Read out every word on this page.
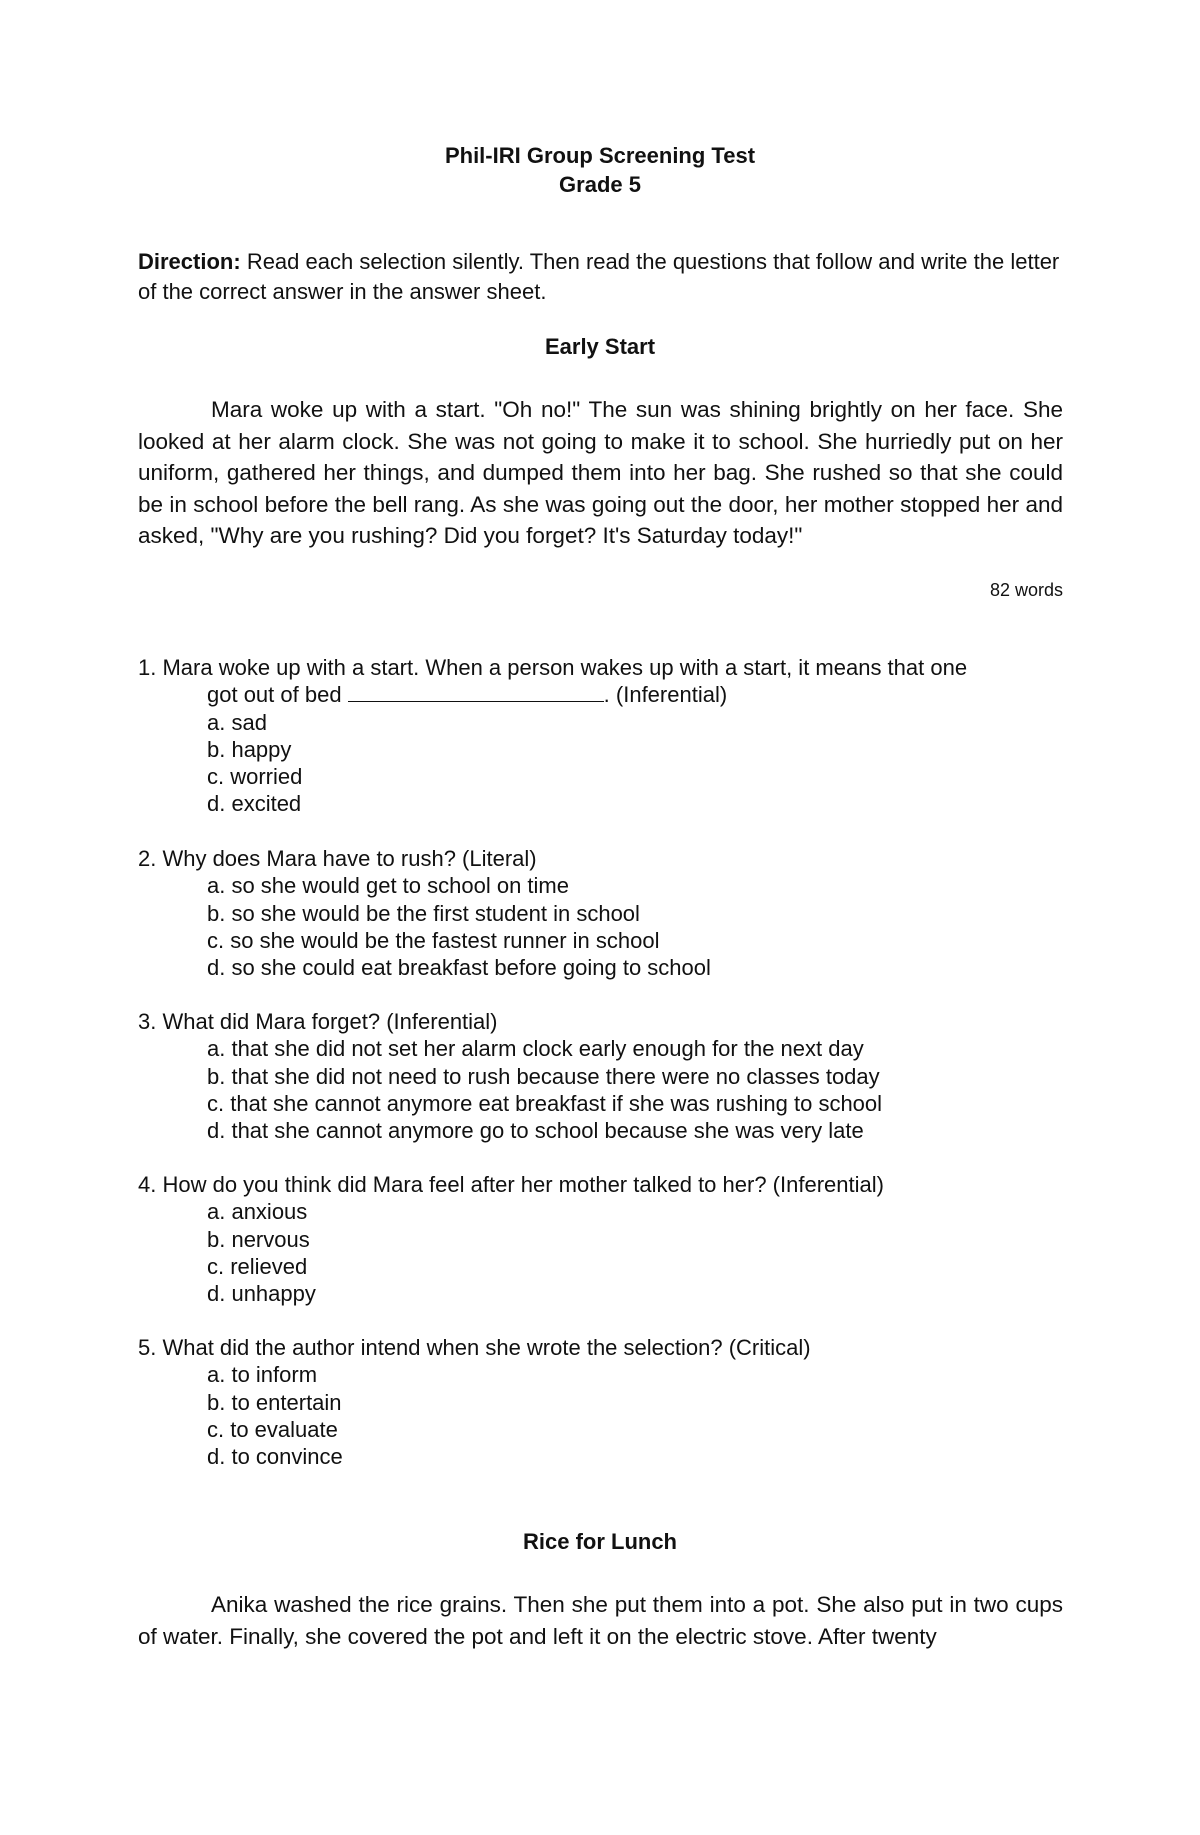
Phil-IRI Group Screening Test
Grade 5
Direction: Read each selection silently. Then read the questions that follow and write the letter of the correct answer in the answer sheet.
Early Start

Mara woke up with a start. "Oh no!" The sun was shining brightly on her face. She looked at her alarm clock. She was not going to make it to school. She hurriedly put on her uniform, gathered her things, and dumped them into her bag. She rushed so that she could be in school before the bell rang. As she was going out the door, her mother stopped her and asked, "Why are you rushing? Did you forget? It's Saturday today!"

82 words

1. Mara woke up with a start. When a person wakes up with a start, it means that one

got out of bed	. (Inferential)

a. sad

b. happy

c. worried

d. excited

2. Why does Mara have to rush? (Literal)

a. so she would get to school on time

b. so she would be the first student in school

c. so she would be the fastest runner in school

d. so she could eat breakfast before going to school

3. What did Mara forget? (Inferential)

a. that she did not set her alarm clock early enough for the next day

b. that she did not need to rush because there were no classes today

c. that she cannot anymore eat breakfast if she was rushing to school

d. that she cannot anymore go to school because she was very late

4. How do you think did Mara feel after her mother talked to her? (Inferential)

a. anxious

b. nervous

c. relieved

d. unhappy

5. What did the author intend when she wrote the selection? (Critical)

a. to inform

b. to entertain

c. to evaluate

d. to convince

Rice for Lunch

Anika washed the rice grains. Then she put them into a pot. She also put in two cups of water. Finally, she covered the pot and left it on the electric stove. After twenty
